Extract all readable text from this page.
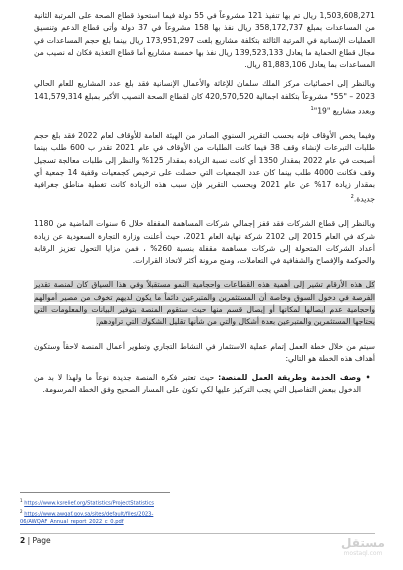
1,503,608,271 ريال تم بها تنفيذ 121 مشروعاً في 55 دولة فيما استحوذ قطاع الصحة على المرتبة الثانية من المساعدات بمبلغ 358,172,737 ريال نفذ بها 158 مشروعاً في 37 دولة وأتى قطاع الدعم وتنسيق العمليات الإنسانية في المرتبة الثالثة بتكلفة مشاريع بلغت 173,951,297 ريال بينما بلغ حجم المساعدات في مجال قطاع الحماية ما يعادل 139,523,133 ريال نفذ بها خمسة مشاريع أما قطاع التغذية فكان له نصيب من المساعدات بما يعادل 81,883,106 ريال.

وبالنظر إلى احصائيات مركز الملك سلمان للإغاثة والأعمال الإنسانية فقد بلغ عدد المشاريع للعام الحالي 2023 – "55" مشروعاً بتكلفة اجمالية 420,570,520 كان لقطاع الصحة النصيب الأكبر بمبلغ 141,579,314 وبعدد مشاريع "19"$^1$

وفيما يخص الأوقاف فإنه بحسب التقرير السنوي الصادر من الهيئة العامة للأوقاف لعام 2022 فقد بلغ حجم طلبات التبرعات لإنشاء وقف 38 فيما كانت الطلبات من الأوقاف في عام 2021 تقدر ب 600 طلب بينما أصبحت في عام 2022 بمقدار 1350 أي كانت نسبة الزيادة بمقدار 125% والنظر إلى طلبات معالجة تسجيل وقف فكانت 4000 طلب بينما كان عدد الجمعيات التي حصلت على ترخيص كجمعيات وقفية 14 جمعية أي بمقدار زيادة 17% عن عام 2021 وبحسب التقرير فإن سبب هذه الزيادة كانت تغطية مناطق جغرافية جديدة.$^2$

وبالنظر إلى قطاع الشركات فقد قفز إجمالي شركات المساهمة المقفلة خلال 6 سنوات الماضية من 1180 شركة في العام 2015 إلى 2102 شركة نهاية العام 2021، حيث أعلنت وزارة التجارة السعودية عن زيادة أعداد الشركات المتحولة إلى شركات مساهمة مقفلة بنسبة 260% ، فمن مزايا التحول تعزيز الرقابة والحوكمة والإفصاح والشفافية في التعاملات، ومنح مرونة أكثر لاتخاذ القرارات.

كل هذه الأرقام تشير إلى أهمية هذه القطاعات واحجامية النمو مستقبلاً وفي هذا السياق كان لمنصة تقدير الفرصة في دخول السوق وخاصة أن المستثمرين والمتبرعين دائماً ما يكون لديهم تخوف من مصير أموالهم واحجامية عدم ايصالها لمكانها أو إيصال قسم منها حيث ستقوم المنصة بتوفير البيانات والمعلومات التي يحتاجها المستثمرين والمتبرعين بعدة أشكال والتي من شأنها تقليل الشكوك التي تراودهم.

سيتم من خلال خطة العمل إتمام عملية الاستثمار في النشاط التجاري وتطوير أعمال المنصة لاحقاً وستكون أهداف هذه الخطة هو التالي:

•
وصف الخدمة وطريقة العمل للمنصة: حيث تعتبر فكرة المنصة جديدة نوعاً ما ولهذا لا بد من الدخول ببعض التفاصيل التي يجب التركيز عليها لكي تكون على المسار الصحيح وفق الخطة المرسومة.
$^1$ https://www.ksrelief.org/Statistics/ProjectStatistics
$^2$ https://www.awqaf.gov.sa/sites/default/files/2023-06/AWQAF_Annual_report_2022_c_0.pdf
2 | Page	مستقل
mostaql.com
